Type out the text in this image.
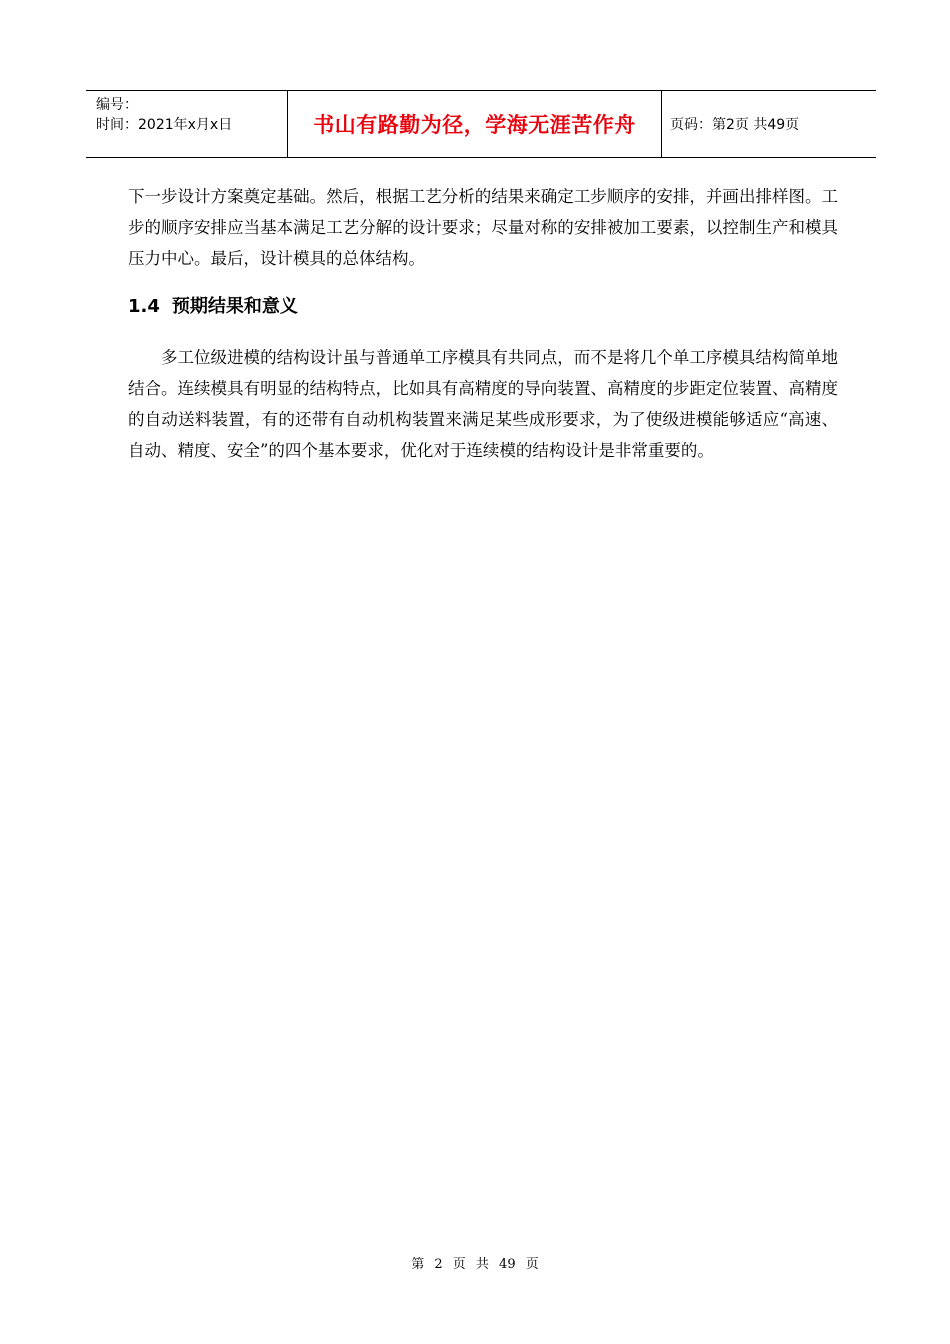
编号：
时间：2021年x月x日	书山有路勤为径，学海无涯苦作舟 页码：第2页 共49页

下一步设计方案奠定基础。然后，根据工艺分析的结果来确定工步顺序的安排，并画出排样图。工步的顺序安排应当基本满足工艺分解的设计要求；尽量对称的安排被加工要素，以控制生产和模具压力中心。最后，设计模具的总体结构。

1.4 预期结果和意义

多工位级进模的结构设计虽与普通单工序模具有共同点，而不是将几个单工序模具结构简单地结合。连续模具有明显的结构特点，比如具有高精度的导向装置、高精度的步距定位装置、高精度的自动送料装置，有的还带有自动机构装置来满足某些成形要求，为了使级进模能够适应“高速、自动、精度、安全”的四个基本要求，优化对于连续模的结构设计是非常重要的。

第 2 页 共 49 页
